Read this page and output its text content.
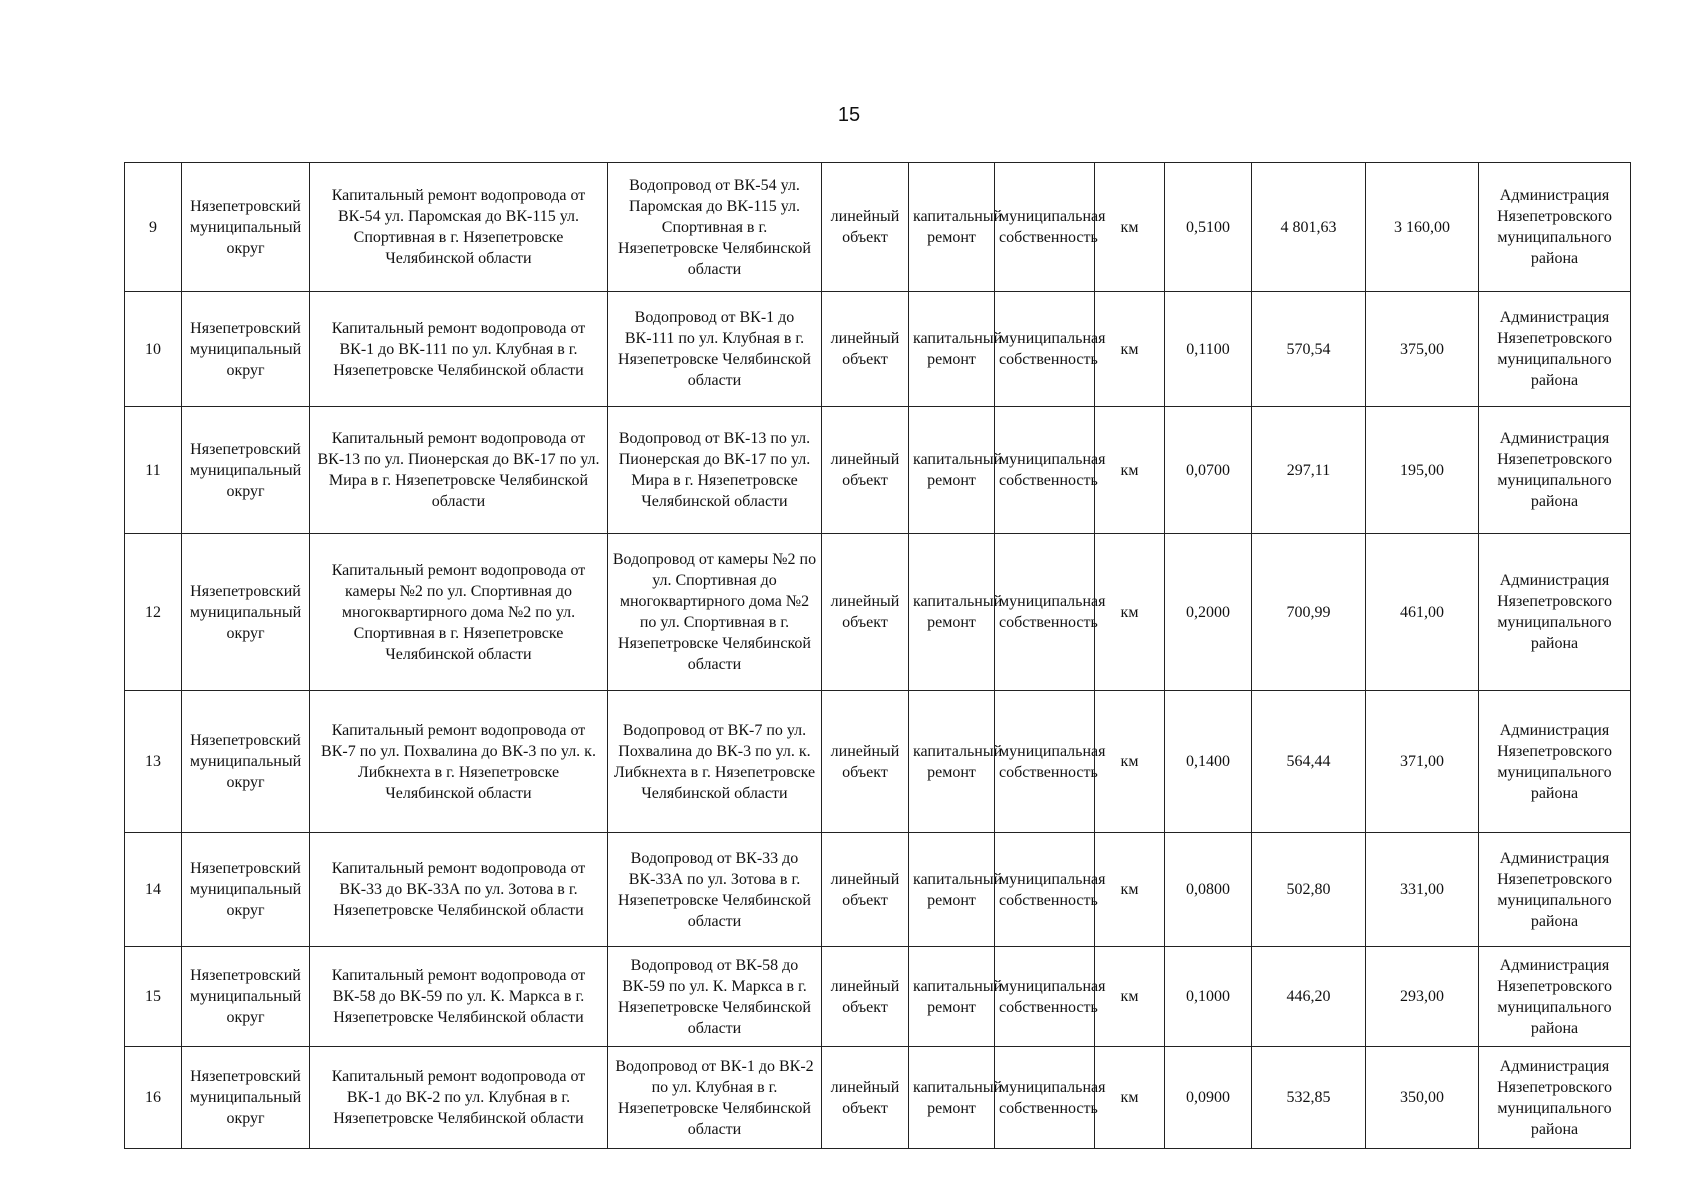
15
9	Нязепетровский муниципальный округ	Капитальный ремонт водопровода от ВК-54 ул. Паромская до ВК-115 ул. Спортивная в г. Нязепетровске Челябинской области	Водопровод от ВК-54 ул. Паромская до ВК-115 ул. Спортивная в г. Нязепетровске Челябинской области	линейный объект	капитальный ремонт	муниципальная собственность	км	0,5100	4 801,63	3 160,00	Администрация Нязепетровского муниципального района
10	Нязепетровский муниципальный округ	Капитальный ремонт водопровода от ВК-1 до ВК-111 по ул. Клубная в г. Нязепетровске Челябинской области	Водопровод от ВК-1 до ВК-111 по ул. Клубная в г. Нязепетровске Челябинской области	линейный объект	капитальный ремонт	муниципальная собственность	км	0,1100	570,54	375,00	Администрация Нязепетровского муниципального района
11	Нязепетровский муниципальный округ	Капитальный ремонт водопровода от ВК-13 по ул. Пионерская до ВК-17 по ул. Мира в г. Нязепетровске Челябинской области	Водопровод от ВК-13 по ул. Пионерская до ВК-17 по ул. Мира в г. Нязепетровске Челябинской области	линейный объект	капитальный ремонт	муниципальная собственность	км	0,0700	297,11	195,00	Администрация Нязепетровского муниципального района
12	Нязепетровский муниципальный округ	Капитальный ремонт водопровода от камеры №2 по ул. Спортивная до многоквартирного дома №2 по ул. Спортивная в г. Нязепетровске Челябинской области	Водопровод от камеры №2 по ул. Спортивная до многоквартирного дома №2 по ул. Спортивная в г. Нязепетровске Челябинской области	линейный объект	капитальный ремонт	муниципальная собственность	км	0,2000	700,99	461,00	Администрация Нязепетровского муниципального района
13	Нязепетровский муниципальный округ	Капитальный ремонт водопровода от ВК-7 по ул. Похвалина до ВК-3 по ул. к. Либкнехта в г. Нязепетровске Челябинской области	Водопровод от ВК-7 по ул. Похвалина до ВК-3 по ул. к. Либкнехта в г. Нязепетровске Челябинской области	линейный объект	капитальный ремонт	муниципальная собственность	км	0,1400	564,44	371,00	Администрация Нязепетровского муниципального района
14	Нязепетровский муниципальный округ	Капитальный ремонт водопровода от ВК-33 до ВК-33А по ул. Зотова в г. Нязепетровске Челябинской области	Водопровод от ВК-33 до ВК-33А по ул. Зотова в г. Нязепетровске Челябинской области	линейный объект	капитальный ремонт	муниципальная собственность	км	0,0800	502,80	331,00	Администрация Нязепетровского муниципального района
15	Нязепетровский муниципальный округ	Капитальный ремонт водопровода от ВК-58 до ВК-59 по ул. К. Маркса в г. Нязепетровске Челябинской области	Водопровод от ВК-58 до ВК-59 по ул. К. Маркса в г. Нязепетровске Челябинской области	линейный объект	капитальный ремонт	муниципальная собственность	км	0,1000	446,20	293,00	Администрация Нязепетровского муниципального района
16	Нязепетровский муниципальный округ	Капитальный ремонт водопровода от ВК-1 до ВК-2 по ул. Клубная в г. Нязепетровске Челябинской области	Водопровод от ВК-1 до ВК-2 по ул. Клубная в г. Нязепетровске Челябинской области	линейный объект	капитальный ремонт	муниципальная собственность	км	0,0900	532,85	350,00	Администрация Нязепетровского муниципального района
